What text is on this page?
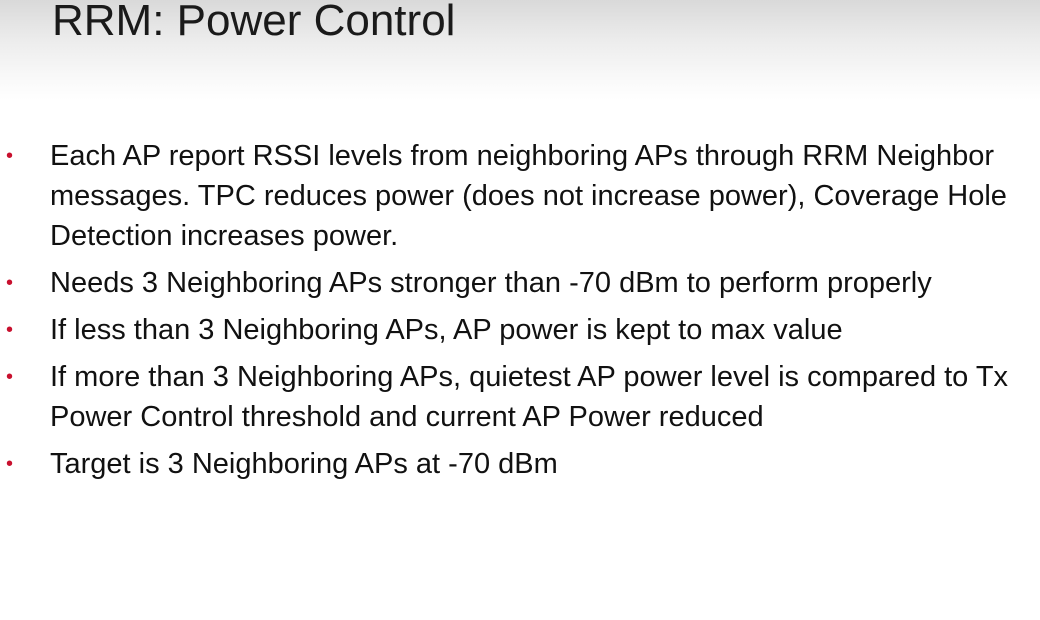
RRM: Power Control
• Each AP report RSSI levels from neighboring APs through RRM Neighbor messages. TPC reduces power (does not increase power), Coverage Hole Detection increases power.
• Needs 3 Neighboring APs stronger than -70 dBm to perform properly
• If less than 3 Neighboring APs, AP power is kept to max value
• If more than 3 Neighboring APs, quietest AP power level is compared to Tx Power Control threshold and current AP Power reduced
• Target is 3 Neighboring APs at -70 dBm
